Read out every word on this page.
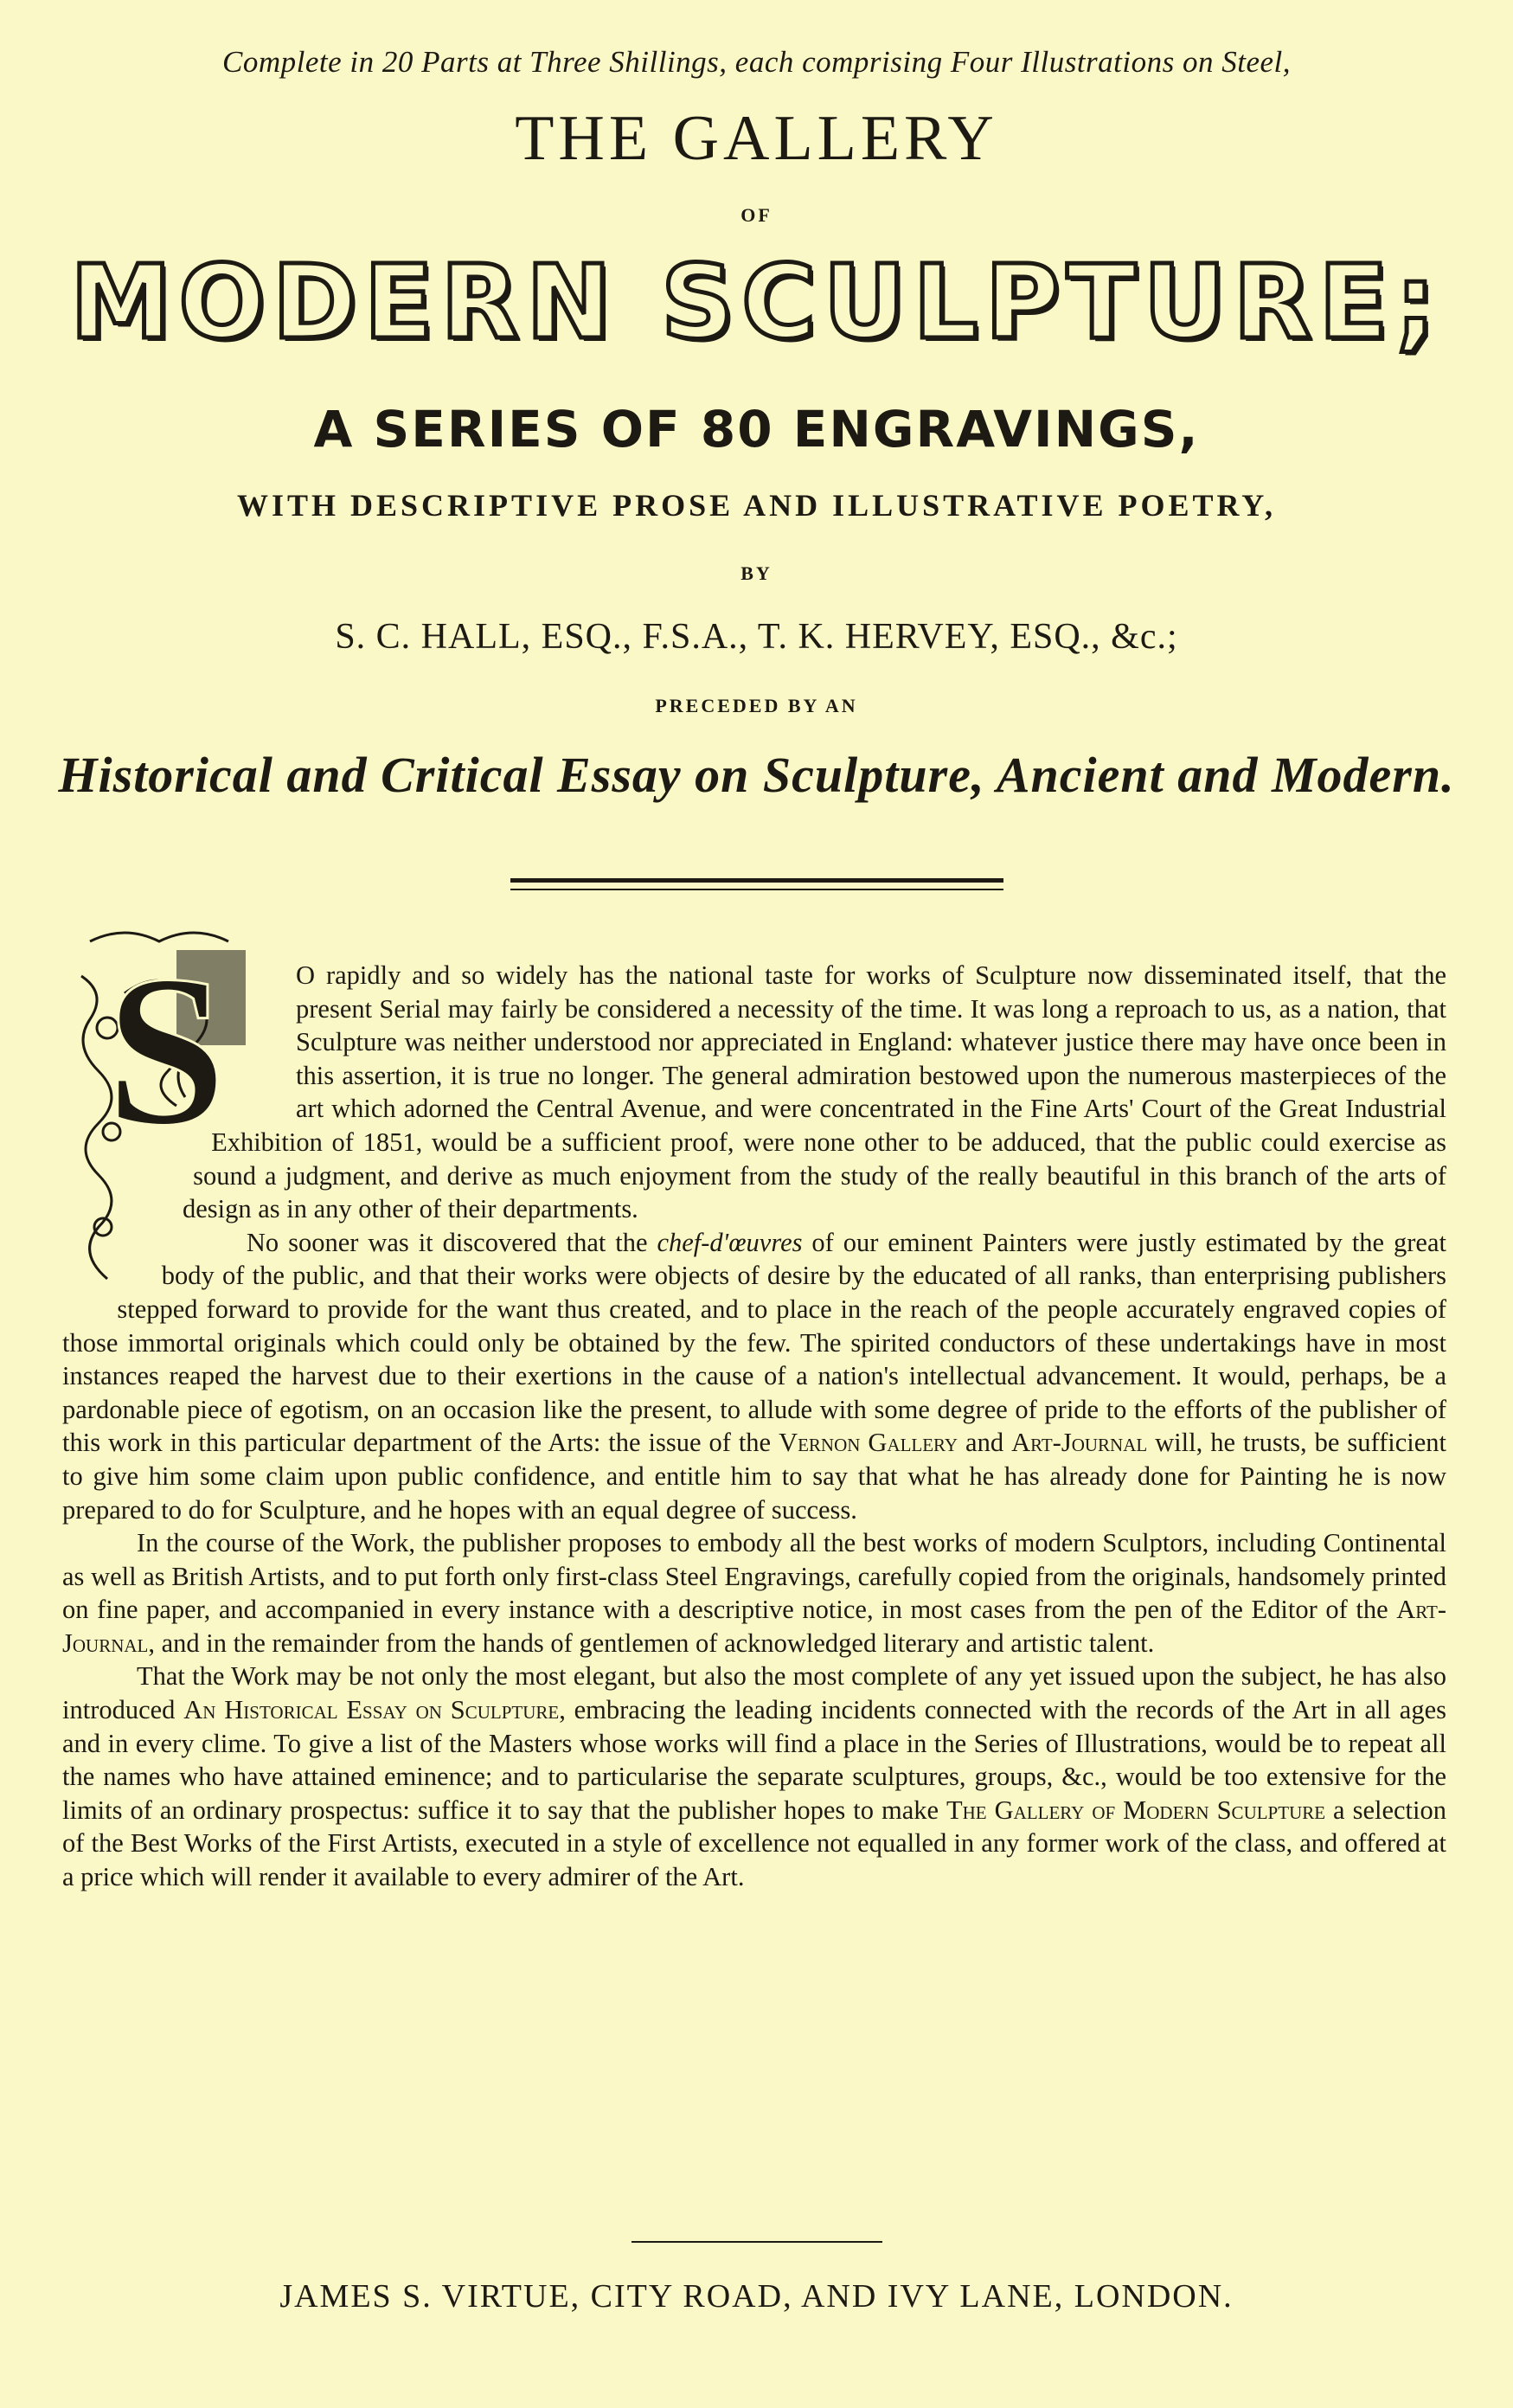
Complete in 20 Parts at Three Shillings, each comprising Four Illustrations on Steel,
THE GALLERY
OF
MODERN SCULPTURE;
A SERIES OF 80 ENGRAVINGS,
WITH DESCRIPTIVE PROSE AND ILLUSTRATIVE POETRY,
BY
S. C. HALL, ESQ., F.S.A., T. K. HERVEY, ESQ., &c.;
PRECEDED BY AN
Historical and Critical Essay on Sculpture, Ancient and Modern.
S	O rapidly and so widely has the national taste for works of Sculpture now disseminated itself, that the present Serial may fairly be considered a necessity of the time. It was long a reproach to us, as a nation, that Sculpture was neither understood nor appreciated in England: whatever justice there may have once been in this assertion, it is true no longer. The general admiration bestowed upon the numerous masterpieces of the art which adorned the Central Avenue, and were concentrated in the Fine Arts' Court of the Great Industrial Exhibition of 1851, would be a sufficient proof, were none other to be adduced, that the public could exercise as sound a judgment, and derive as much enjoyment from the study of the really beautiful in this branch of the arts of design as in any other of their departments.

No sooner was it discovered that the chef-d'œuvres of our eminent Painters were justly estimated by the great body of the public, and that their works were objects of desire by the educated of all ranks, than enterprising publishers stepped forward to provide for the want thus created, and to place in the reach of the people accurately engraved copies of those immortal originals which could only be obtained by the few. The spirited conductors of these undertakings have in most instances reaped the harvest due to their exertions in the cause of a nation's intellectual advancement. It would, perhaps, be a pardonable piece of egotism, on an occasion like the present, to allude with some degree of pride to the efforts of the publisher of this work in this particular department of the Arts: the issue of the Vernon Gallery and Art-Journal will, he trusts, be sufficient to give him some claim upon public confidence, and entitle him to say that what he has already done for Painting he is now prepared to do for Sculpture, and he hopes with an equal degree of success.

In the course of the Work, the publisher proposes to embody all the best works of modern Sculptors, including Continental as well as British Artists, and to put forth only first-class Steel Engravings, carefully copied from the originals, handsomely printed on fine paper, and accompanied in every instance with a descriptive notice, in most cases from the pen of the Editor of the Art-Journal, and in the remainder from the hands of gentlemen of acknowledged literary and artistic talent.

That the Work may be not only the most elegant, but also the most complete of any yet issued upon the subject, he has also introduced An Historical Essay on Sculpture, embracing the leading incidents connected with the records of the Art in all ages and in every clime. To give a list of the Masters whose works will find a place in the Series of Illustrations, would be to repeat all the names who have attained eminence; and to particularise the separate sculptures, groups, &c., would be too extensive for the limits of an ordinary prospectus: suffice it to say that the publisher hopes to make The Gallery of Modern Sculpture a selection of the Best Works of the First Artists, executed in a style of excellence not equalled in any former work of the class, and offered at a price which will render it available to every admirer of the Art.

JAMES S. VIRTUE, CITY ROAD, AND IVY LANE, LONDON.
